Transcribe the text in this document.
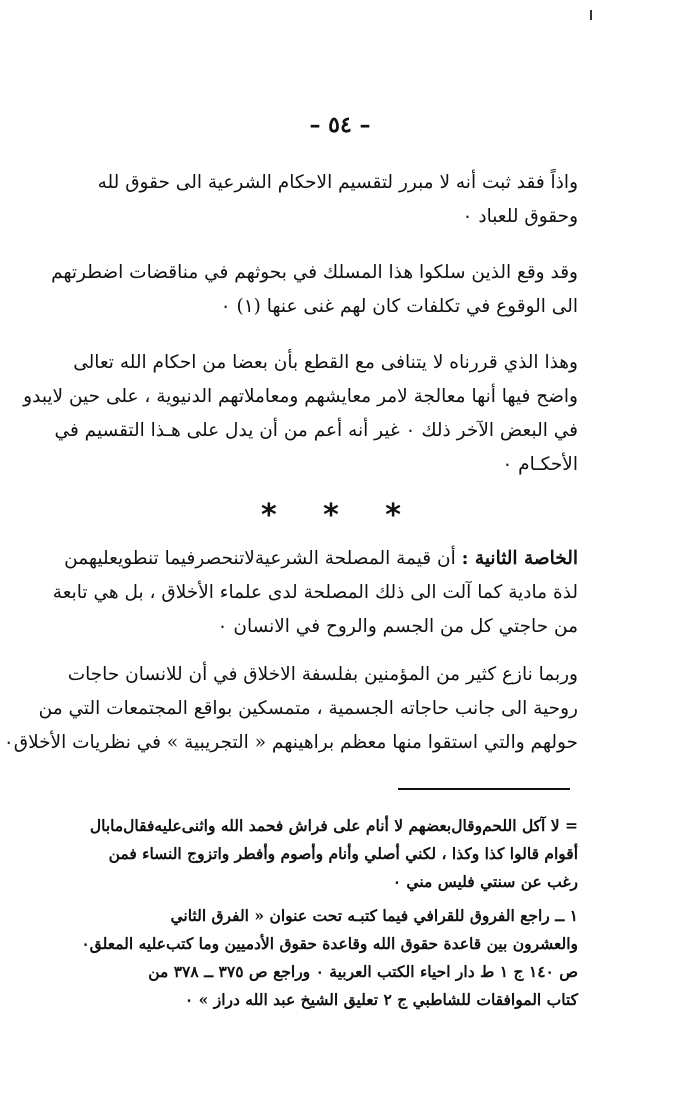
– ٥٤ –
واذاً فقد ثبت أنه لا مبرر لتقسيم الاحكام الشرعية الى حقوق لله
وحقوق للعباد ٠
وقد وقع الذين سلكوا هذا المسلك في بحوثهم في مناقضات اضطرتهم
الى الوقوع في تكلفات كان لهم غنى عنها (١) ٠
وهذا الذي قررناه لا يتنافى مع القطع بأن بعضا من احكام الله تعالى
واضح فيها أنها معالجة لامر معايشهم ومعاملاتهم الدنيوية ، على حين لايبدو
في البعض الآخر ذلك ٠ غير أنه أعم من أن يدل على هـذا التقسيم في
الأحكـام ٠
* * *
الخاصة الثانية : أن قيمة المصلحة الشرعيةلاتنحصرفيما تنطويعليهمن
لذة مادية كما آلت الى ذلك المصلحة لدى علماء الأخلاق ، بل هي تابعة
من حاجتي كل من الجسم والروح في الانسان ٠
وربما نازع كثير من المؤمنين بفلسفة الاخلاق في أن للانسان حاجات
روحية الى جانب حاجاته الجسمية ، متمسكين بواقع المجتمعات التي من
حولهم والتي استقوا منها معظم براهينهم « التجريبية » في نظريات الأخلاق٠
= لا آكل اللحم‌وقال‌بعضهم لا أنام على فراش فحمد الله واثنى‌عليه‌فقال‌مابال
أقوام قالوا كذا وكذا ، لكني أصلي وأنام وأصوم وأفطر واتزوج النساء فمن
رغب عن سنتي فليس مني ٠
١ ــ راجع الفروق للقرافي فيما كتبـه تحت عنوان « الفرق الثاني
والعشرون بين قاعدة حقوق الله وقاعدة حقوق الأدميين وما كتب‌عليه المعلق٠
ص ١٤٠ ج ١ ط دار احياء الكتب العربية ٠ وراجع ص ٣٧٥ ــ ٣٧٨ من
كتاب الموافقات للشاطبي ج ٢ تعليق الشيخ عبد الله دراز » ٠
